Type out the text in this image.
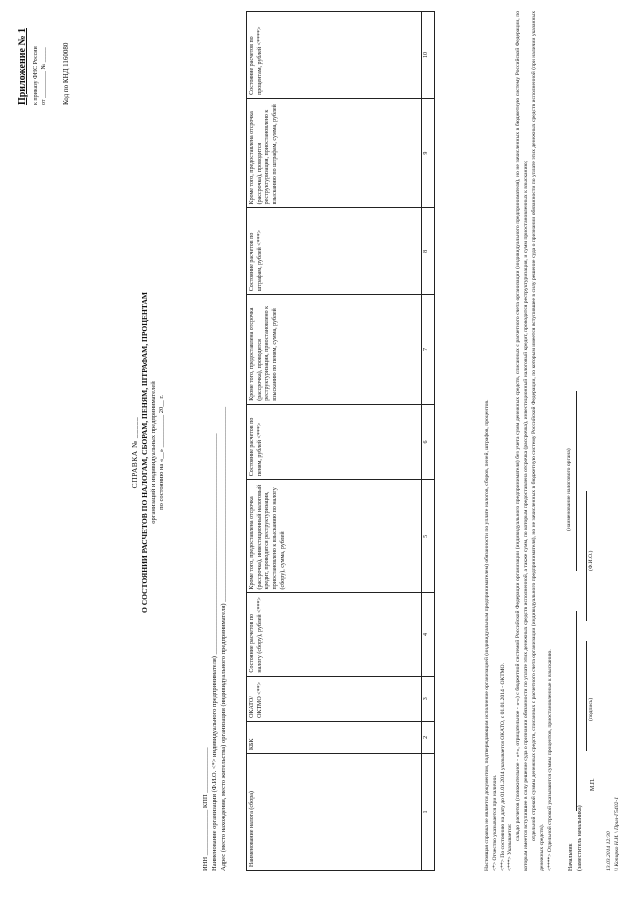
Приложение № 1 к приказу ФНС России от _________ № _____ Код по КНД 1160080
СПРАВКА № _____ О СОСТОЯНИИ РАСЧЕТОВ ПО НАЛОГАМ, СБОРАМ, ПЕНЯМ, ШТРАФАМ, ПРОЦЕНТАМ организаций и индивидуальных предпринимателей по состоянию на «__» __________ 20__ г.
ИНН ______________ КПП ______________ Наименование организации (Ф.И.О. <*> индивидуального предпринимателя) ____________________________________________________________________ Адрес (место нахождения, место жительства) организации (индивидуального предпринимателя) ____________________________________________________________	Наименование налога (сбора)	КБК	ОКАТО/ ОКТМО <**>	Состояние расчетов по налогу (сбору), рублей <***>	Кроме того, предоставлена отсрочка (рассрочка), инвестиционный налоговый кредит, проводится реструктуризация, приостановлено к взысканию по налогу (сбору), сумма, рублей	Состояние расчетов по пеням, рублей <***>	Кроме того, предоставлена отсрочка (рассрочка), проводится реструктуризация, приостановлено к взысканию по пеням, сумма, рублей	Состояние расчетов по штрафам, рублей <***>	Кроме того, предоставлена отсрочка (рассрочка), проводится реструктуризация, приостановлено к взысканию по штрафам, сумма, рублей	Состояние расчетов по процентам, рублей <****>
1	2	3	4	5	6	7	8	9	10

Настоящая справка не является документом, подтверждающим исполнение организацией (индивидуальным предпринимателем) обязанности по уплате налогов, сборов, пеней, штрафов, процентов. <*> Отчество указывается при наличии. <**> По состоянию на дату до 01.01.2014 указывается ОКАТО, с 01.01.2014 - ОКТМО. <***> Указывается:

сальдо расчетов (положительное - «+», отрицательное - «-») с бюджетной системой Российской Федерации организации (индивидуального предпринимателя) без учета сумм денежных средств, списанных с расчетного счета организации (индивидуального предпринимателя), но не зачисленных в бюджетную систему Российской Федерации, по которым имеется вступившее в силу решение суда о признании обязанности по уплате этих денежных средств исполненной, а также сумм, по которым предоставлена отсрочка (рассрочка), инвестиционный налоговый кредит, проводится реструктуризация, и сумм приостановленных к взысканию; отдельной строкой суммы денежных средств, списанных с расчетного счета организации (индивидуального предпринимателя), но не зачисленных в бюджетную систему Российской Федерации, по которым имеется вступившее в силу решение суда о признании обязанности по уплате этих денежных средств исполненной (при наличии указанных денежных средств). <****> Отдельной строкой указываются суммы процентов, приостановленные к взысканию.	Начальник (заместитель начальника)
М.П.
(наименование налогового органа)
(подпись)
(Ф.И.О.)
13.03.2014 12:30 \\ Копирко Н.И. \ Прил-Г5402-1
